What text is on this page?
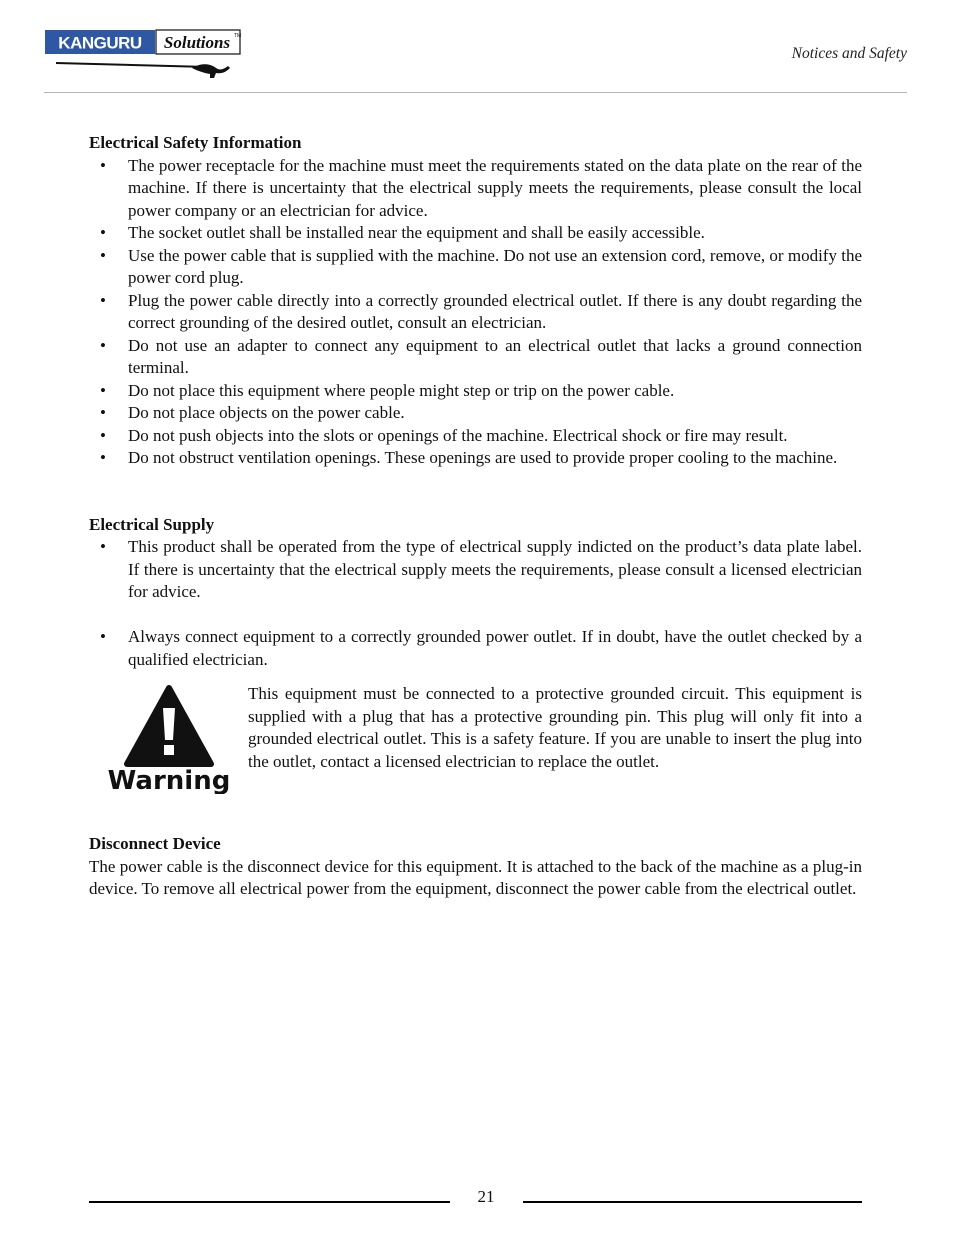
KANGURU Solutions TM
Notices and Safety

Electrical Safety Information

• The power receptacle for the machine must meet the requirements stated on the data plate on the rear of the machine. If there is uncertainty that the electrical supply meets the requirements, please consult the local power company or an electrician for advice.
• The socket outlet shall be installed near the equipment and shall be easily accessible.
• Use the power cable that is supplied with the machine. Do not use an extension cord, remove, or modify the power cord plug.
• Plug the power cable directly into a correctly grounded electrical outlet. If there is any doubt regarding the correct grounding of the desired outlet, consult an electrician.
• Do not use an adapter to connect any equipment to an electrical outlet that lacks a ground connection terminal.
• Do not place this equipment where people might step or trip on the power cable.
• Do not place objects on the power cable.
• Do not push objects into the slots or openings of the machine. Electrical shock or fire may result.
• Do not obstruct ventilation openings. These openings are used to provide proper cooling to the machine.

Electrical Supply

• This product shall be operated from the type of electrical supply indicted on the product’s data plate label. If there is uncertainty that the electrical supply meets the requirements, please consult a licensed electrician for advice.
• Always connect equipment to a correctly grounded power outlet. If in doubt, have the outlet checked by a qualified electrician.
Warning

This equipment must be connected to a protective grounded circuit. This equipment is supplied with a plug that has a protective grounding pin. This plug will only fit into a grounded electrical outlet. This is a safety feature. If you are unable to insert the plug into the outlet, contact a licensed electrician to replace the outlet.

Disconnect Device

The power cable is the disconnect device for this equipment. It is attached to the back of the machine as a plug-in device. To remove all electrical power from the equipment, disconnect the power cable from the electrical outlet.

21
